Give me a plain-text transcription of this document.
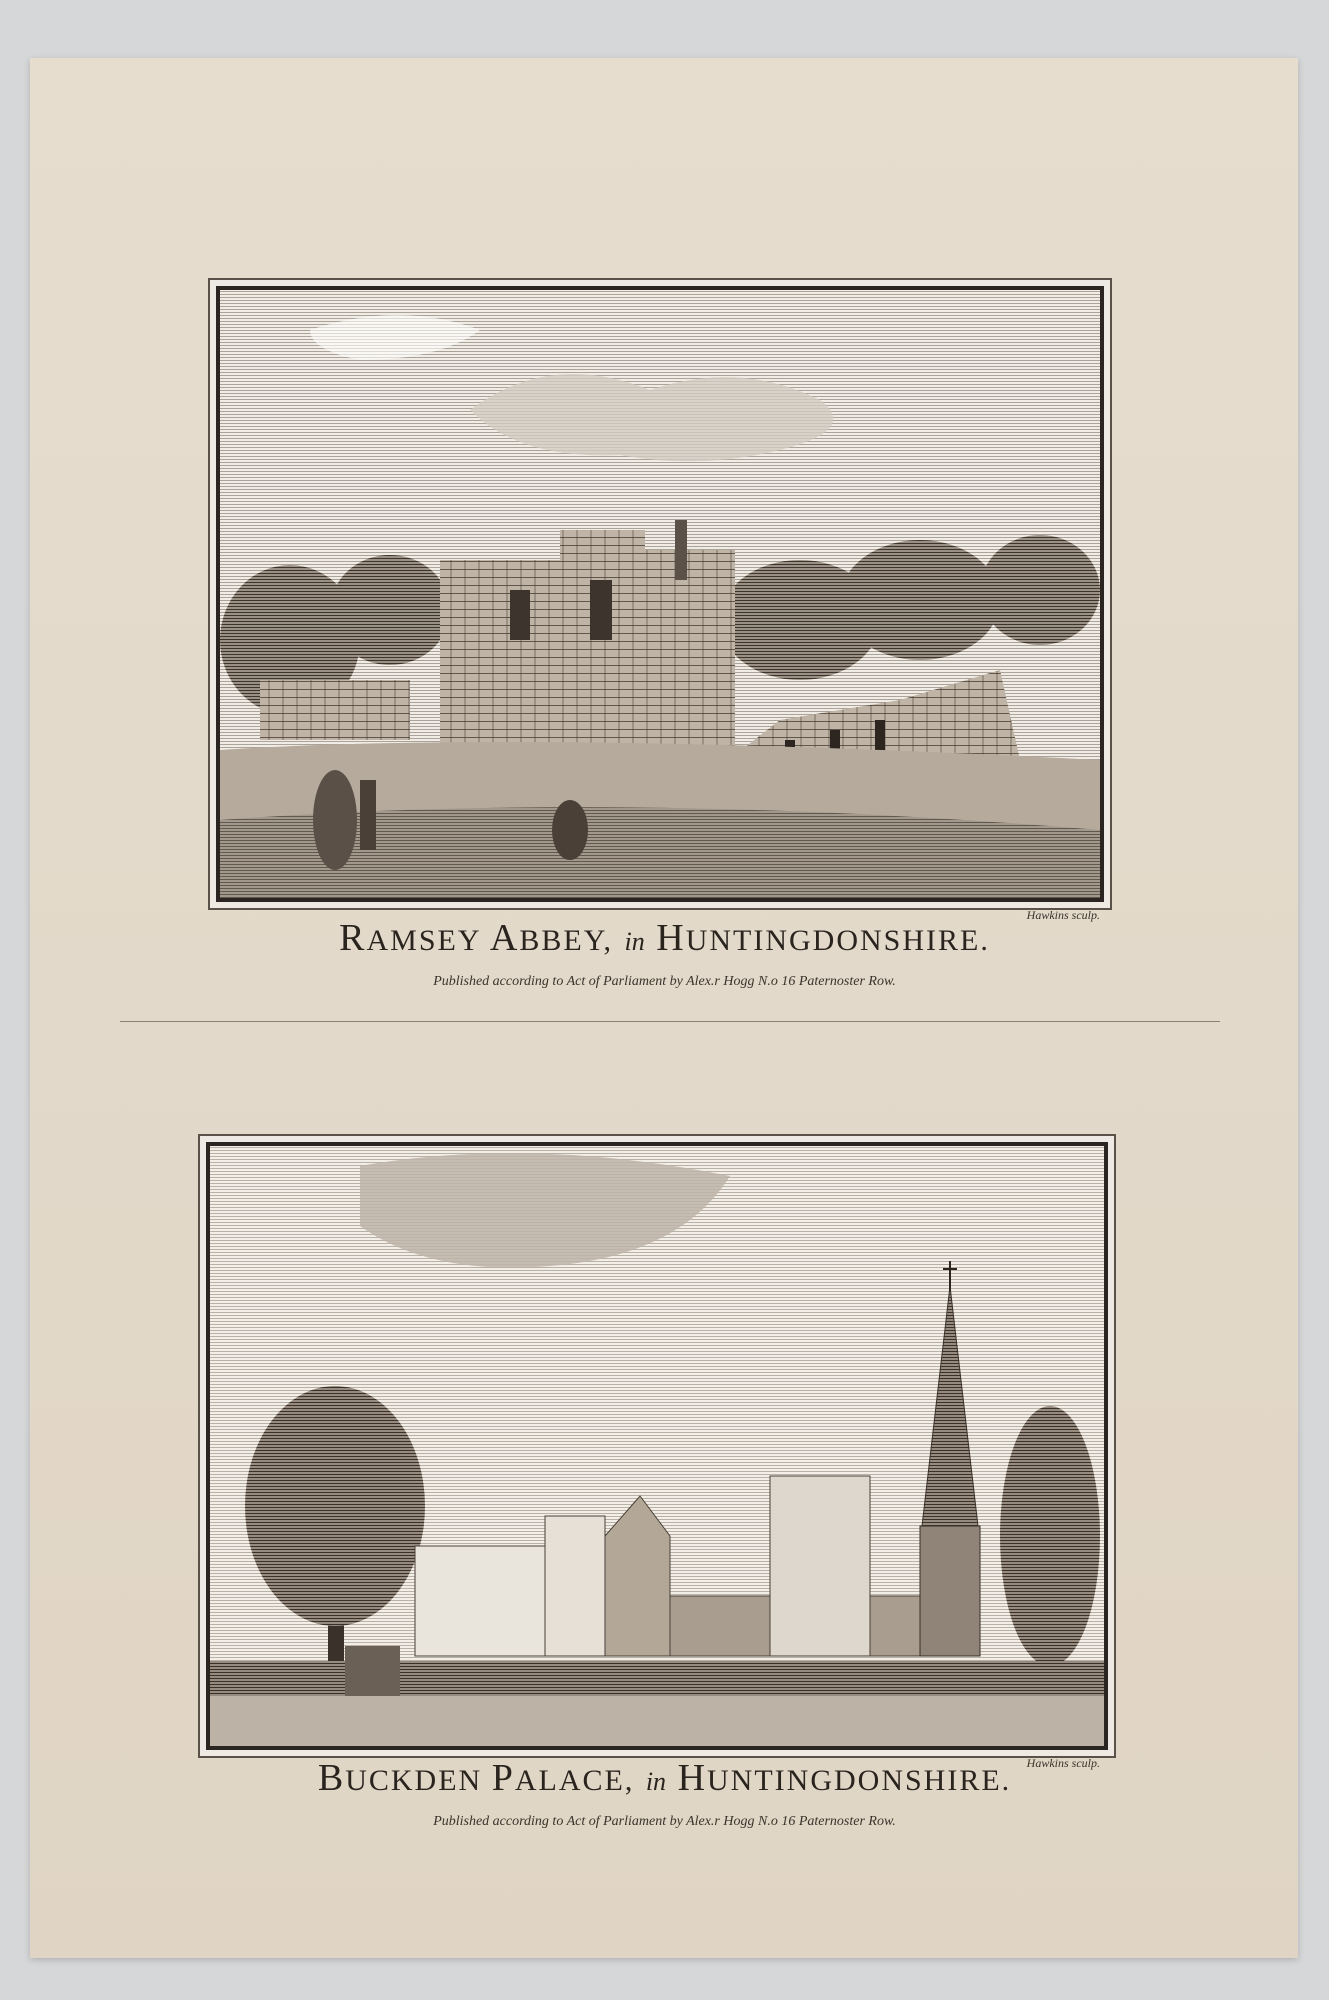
Hawkins sculp.
RAMSEY ABBEY, in HUNTINGDONSHIRE.
Published according to Act of Parliament by Alex.r Hogg N.o 16 Paternoster Row.
Hawkins sculp.
BUCKDEN PALACE, in HUNTINGDONSHIRE.
Published according to Act of Parliament by Alex.r Hogg N.o 16 Paternoster Row.
